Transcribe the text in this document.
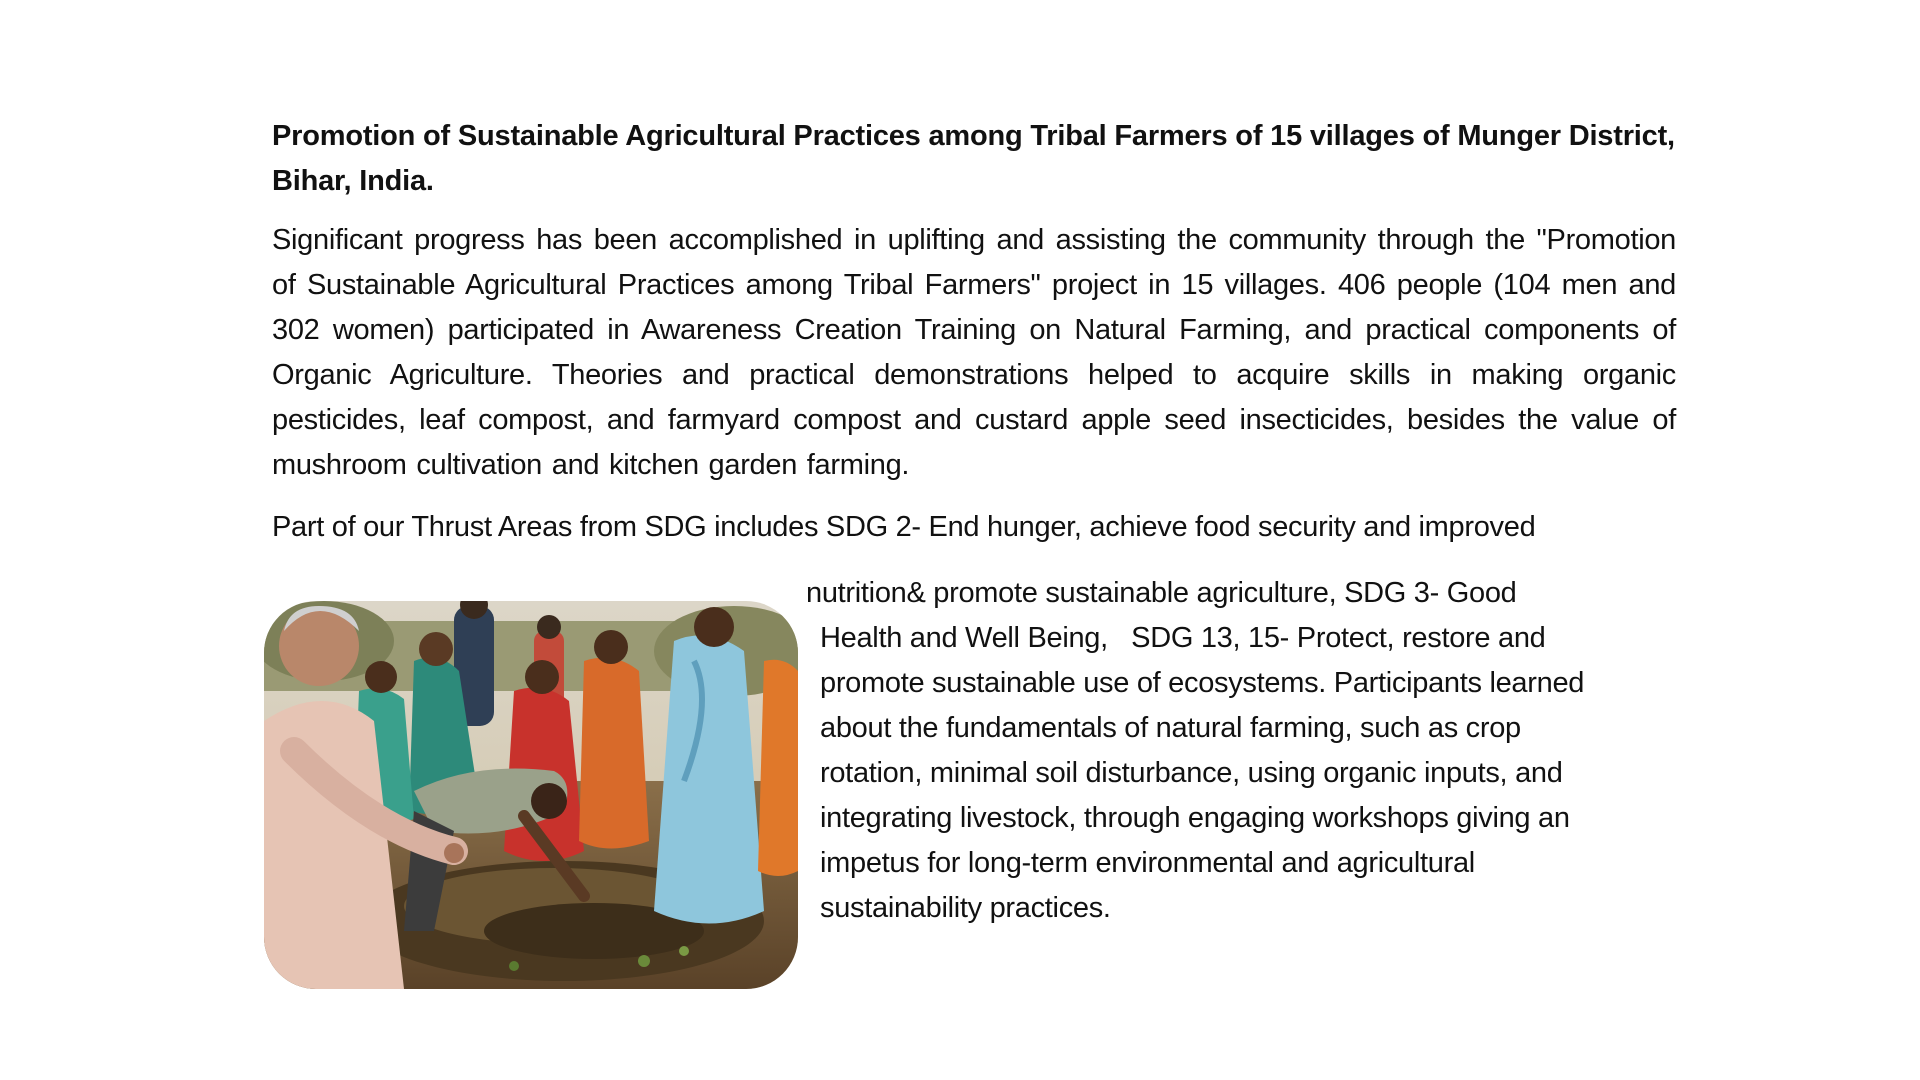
Promotion of Sustainable Agricultural Practices among Tribal Farmers of 15 villages of Munger District, Bihar, India.

Significant progress has been accomplished in uplifting and assisting the community through the "Promotion of Sustainable Agricultural Practices among Tribal Farmers" project in 15 villages. 406 people (104 men and 302 women) participated in Awareness Creation Training on Natural Farming, and practical components of Organic Agriculture. Theories and practical demonstrations helped to acquire skills in making organic pesticides, leaf compost, and farmyard compost and custard apple seed insecticides, besides the value of mushroom cultivation and kitchen garden farming.

Part of our Thrust Areas from SDG includes SDG 2- End hunger, achieve food security and improved

nutrition& promote sustainable agriculture, SDG 3- Good
Health and Well Being,   SDG 13, 15- Protect, restore and
promote sustainable use of ecosystems. Participants learned
about the fundamentals of natural farming, such as crop
rotation, minimal soil disturbance, using organic inputs, and
integrating livestock, through engaging workshops giving an
impetus for long-term environmental and agricultural
sustainability practices.
